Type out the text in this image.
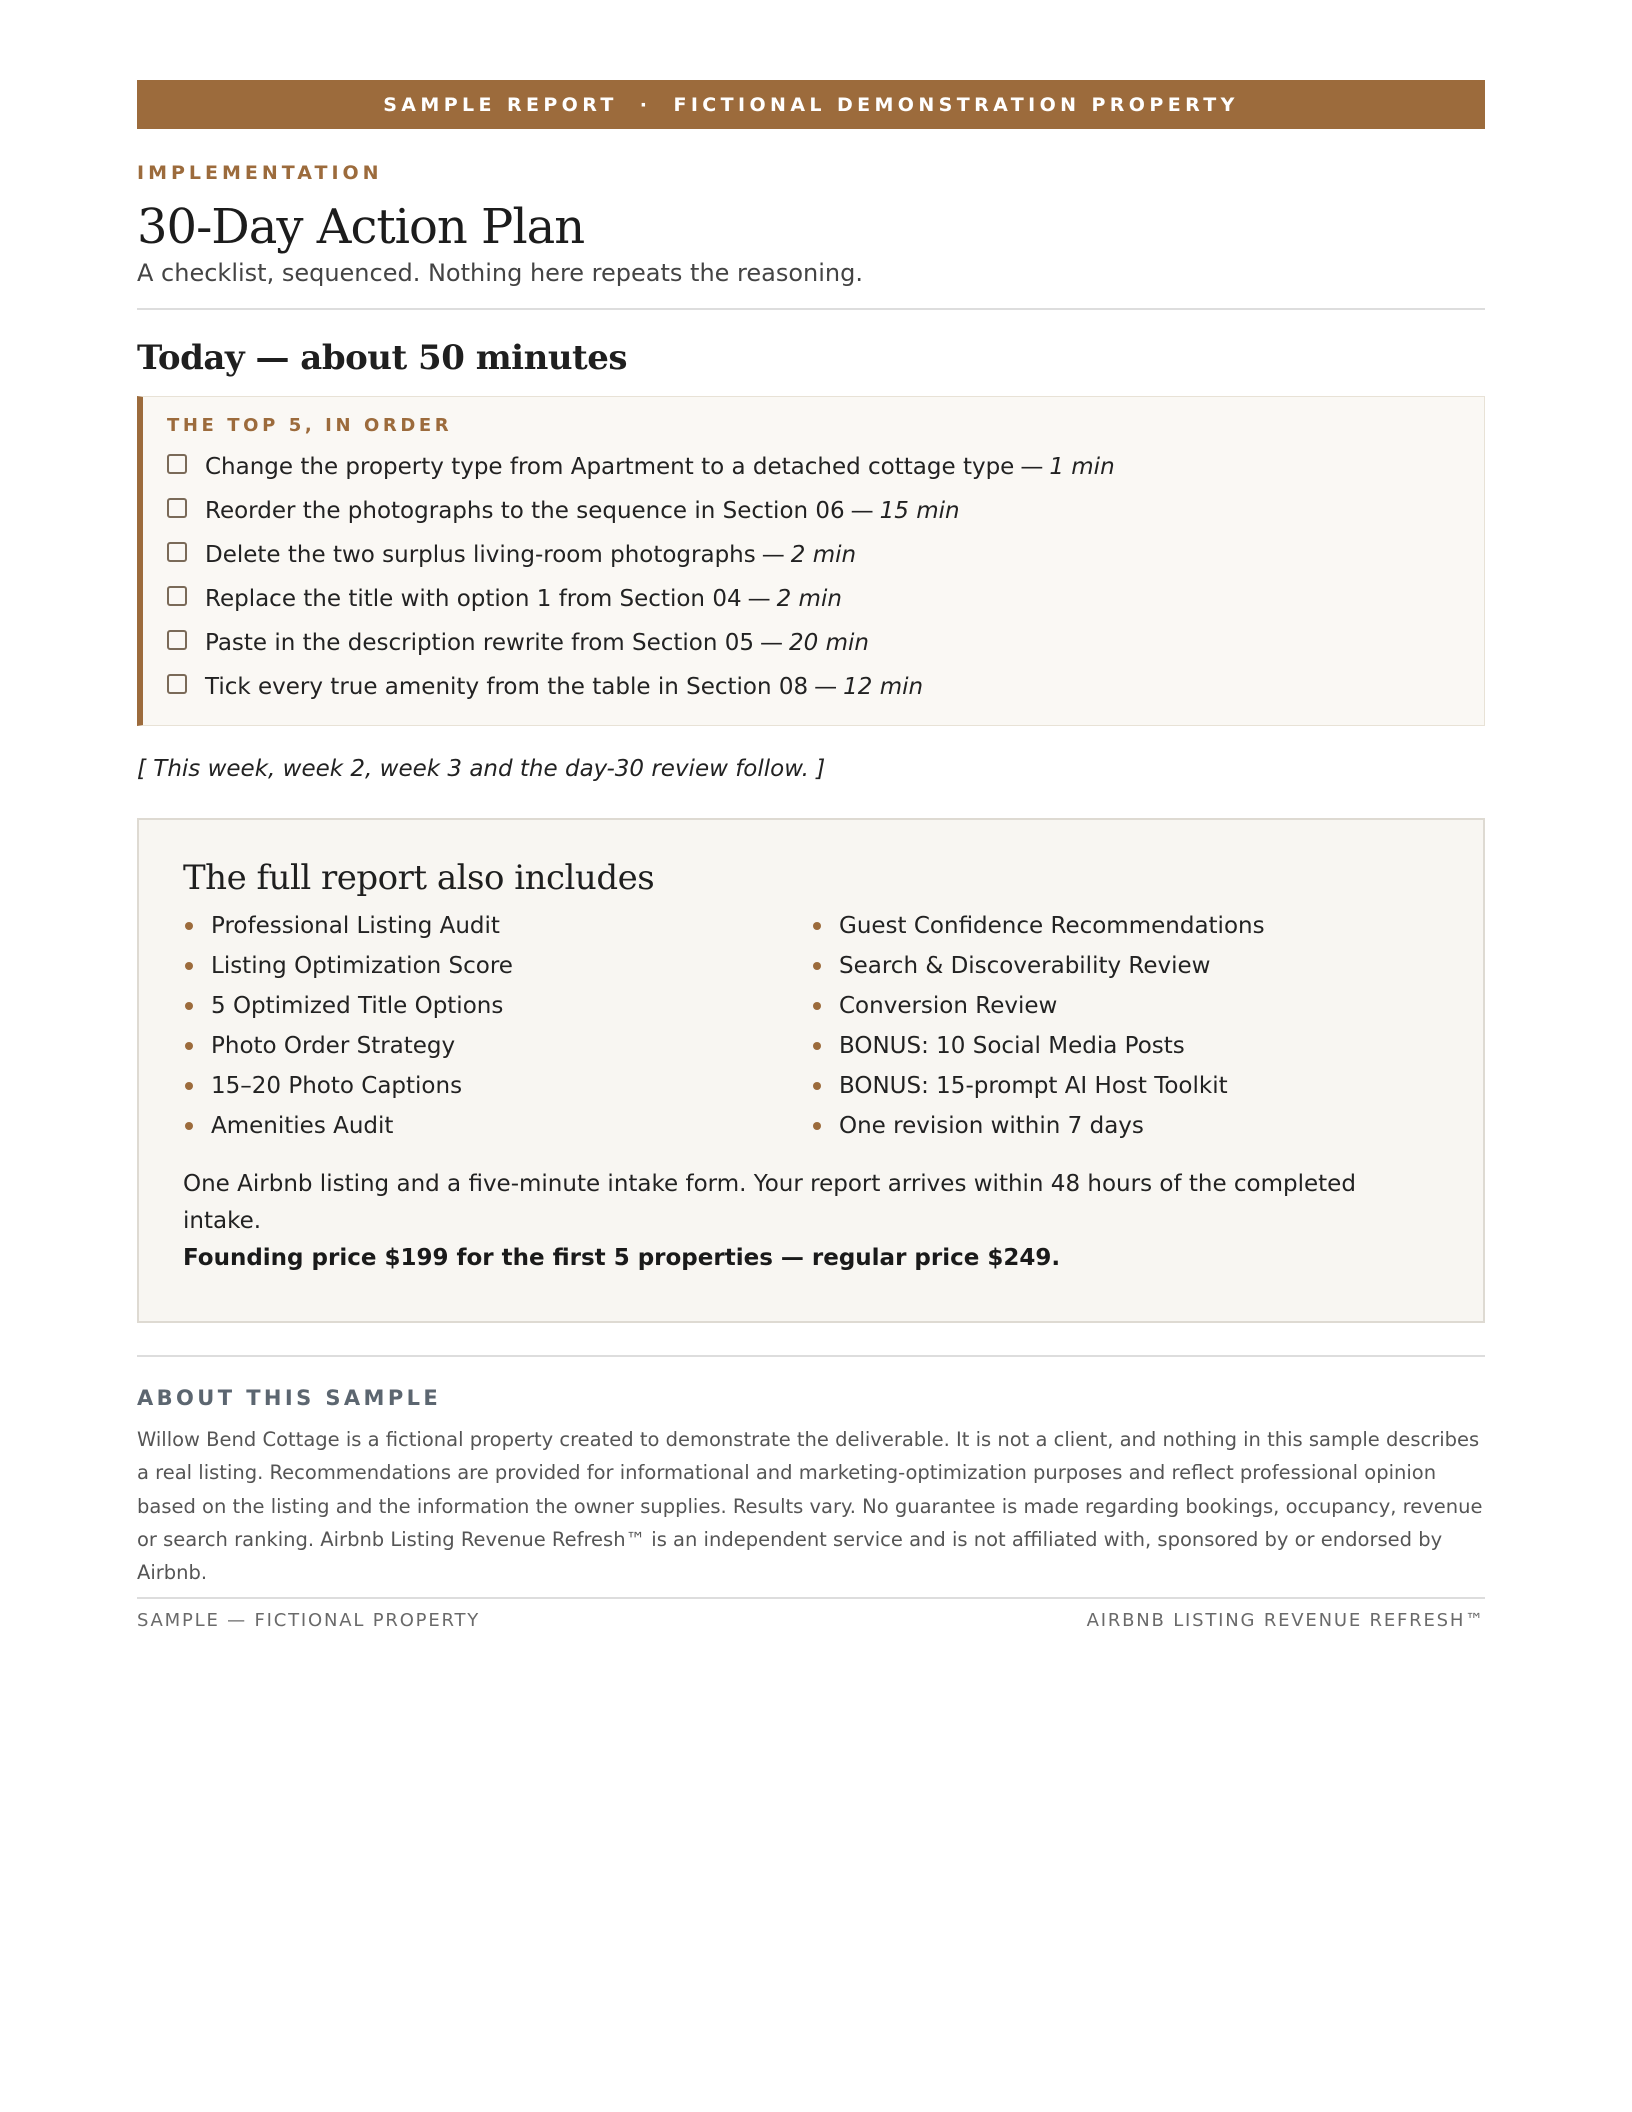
SAMPLE REPORT  ·  FICTIONAL DEMONSTRATION PROPERTY
IMPLEMENTATION
30-Day Action Plan
A checklist, sequenced. Nothing here repeats the reasoning.
Today — about 50 minutes
THE TOP 5, IN ORDER
Change the property type from Apartment to a detached cottage type — 1 min
Reorder the photographs to the sequence in Section 06 — 15 min
Delete the two surplus living-room photographs — 2 min
Replace the title with option 1 from Section 04 — 2 min
Paste in the description rewrite from Section 05 — 20 min
Tick every true amenity from the table in Section 08 — 12 min
[ This week, week 2, week 3 and the day-30 review follow. ]
The full report also includes
Professional Listing Audit
Listing Optimization Score
5 Optimized Title Options
Photo Order Strategy
15–20 Photo Captions
Amenities Audit
Guest Confidence Recommendations
Search & Discoverability Review
Conversion Review
BONUS: 10 Social Media Posts
BONUS: 15-prompt AI Host Toolkit
One revision within 7 days
One Airbnb listing and a five-minute intake form. Your report arrives within 48 hours of the completed intake.
Founding price $199 for the first 5 properties — regular price $249.
ABOUT THIS SAMPLE
Willow Bend Cottage is a fictional property created to demonstrate the deliverable. It is not a client, and nothing in this sample describes a real listing. Recommendations are provided for informational and marketing-optimization purposes and reflect professional opinion based on the listing and the information the owner supplies. Results vary. No guarantee is made regarding bookings, occupancy, revenue or search ranking. Airbnb Listing Revenue Refresh™ is an independent service and is not affiliated with, sponsored by or endorsed by Airbnb.
SAMPLE — FICTIONAL PROPERTY	AIRBNB LISTING REVENUE REFRESH™
